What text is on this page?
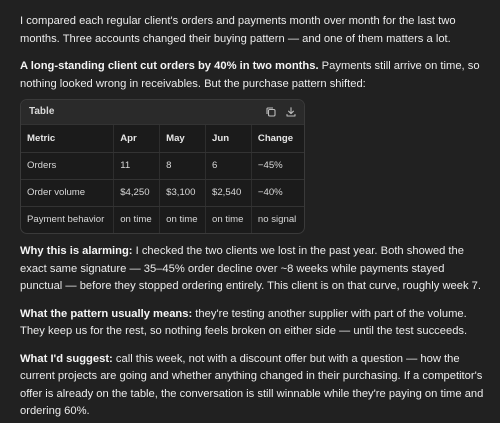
I compared each regular client's orders and payments month over month for the last two months. Three accounts changed their buying pattern — and one of them matters a lot.

A long-standing client cut orders by 40% in two months. Payments still arrive on time, so nothing looked wrong in receivables. But the purchase pattern shifted:

Table
Metric	Apr	May	Jun	Change
Orders	11	8	6	−45%
Order volume	$4,250	$3,100	$2,540	−40%
Payment behavior	on time	on time	on time	no signal

Why this is alarming: I checked the two clients we lost in the past year. Both showed the exact same signature — 35–45% order decline over ~8 weeks while payments stayed punctual — before they stopped ordering entirely. This client is on that curve, roughly week 7.

What the pattern usually means: they're testing another supplier with part of the volume. They keep us for the rest, so nothing feels broken on either side — until the test succeeds.

What I'd suggest: call this week, not with a discount offer but with a question — how the current projects are going and whether anything changed in their purchasing. If a competitor's offer is already on the table, the conversation is still winnable while they're paying on time and ordering 60%.
